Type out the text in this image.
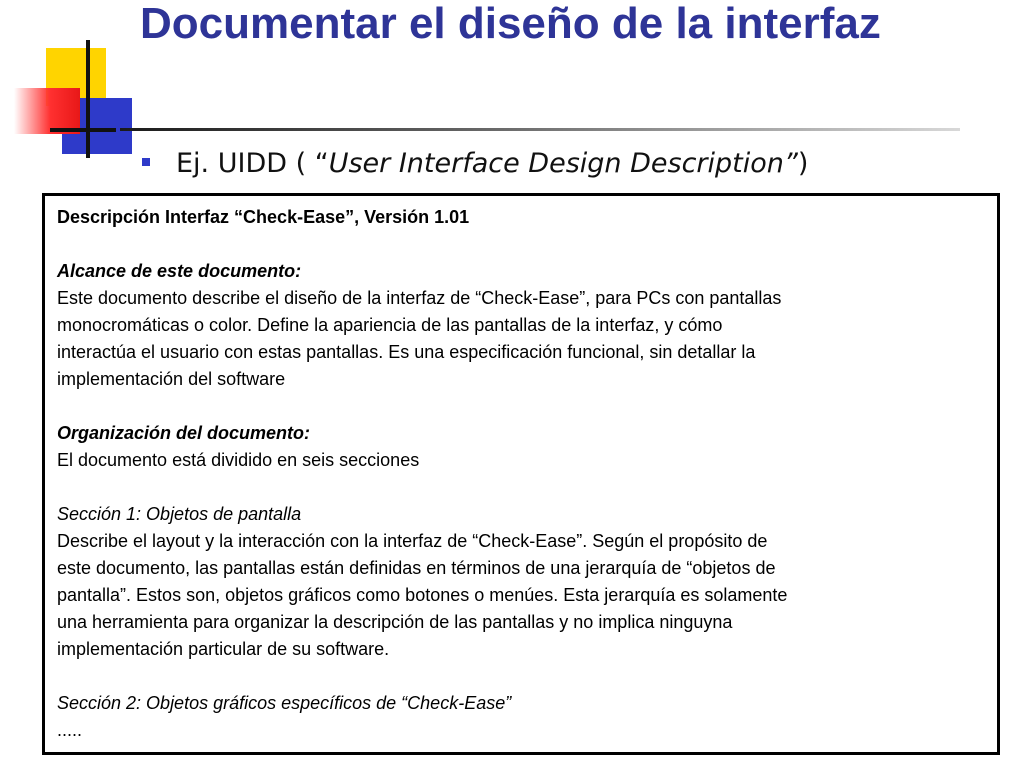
Documentar el diseño de la interfaz
Ej. UIDD ( “User Interface Design Description”)

Descripción Interfaz “Check-Ease”, Versión 1.01

Alcance de este documento:

Este documento describe el diseño de la interfaz de “Check-Ease”, para PCs con pantallas

monocromáticas o color. Define la apariencia de las pantallas de la interfaz, y cómo

interactúa el usuario con estas pantallas. Es una especificación funcional, sin detallar la

implementación del software

Organización del documento:

El documento está dividido en seis secciones

Sección 1: Objetos de pantalla

Describe el layout y la interacción con la interfaz de “Check-Ease”. Según el propósito de

este documento, las pantallas están definidas en términos de una jerarquía de “objetos de

pantalla”. Estos son, objetos gráficos como botones o menúes. Esta jerarquía es solamente

una herramienta para organizar la descripción de las pantallas y no implica ninguyna

implementación particular de su software.

Sección 2: Objetos gráficos específicos de “Check-Ease”

.....
